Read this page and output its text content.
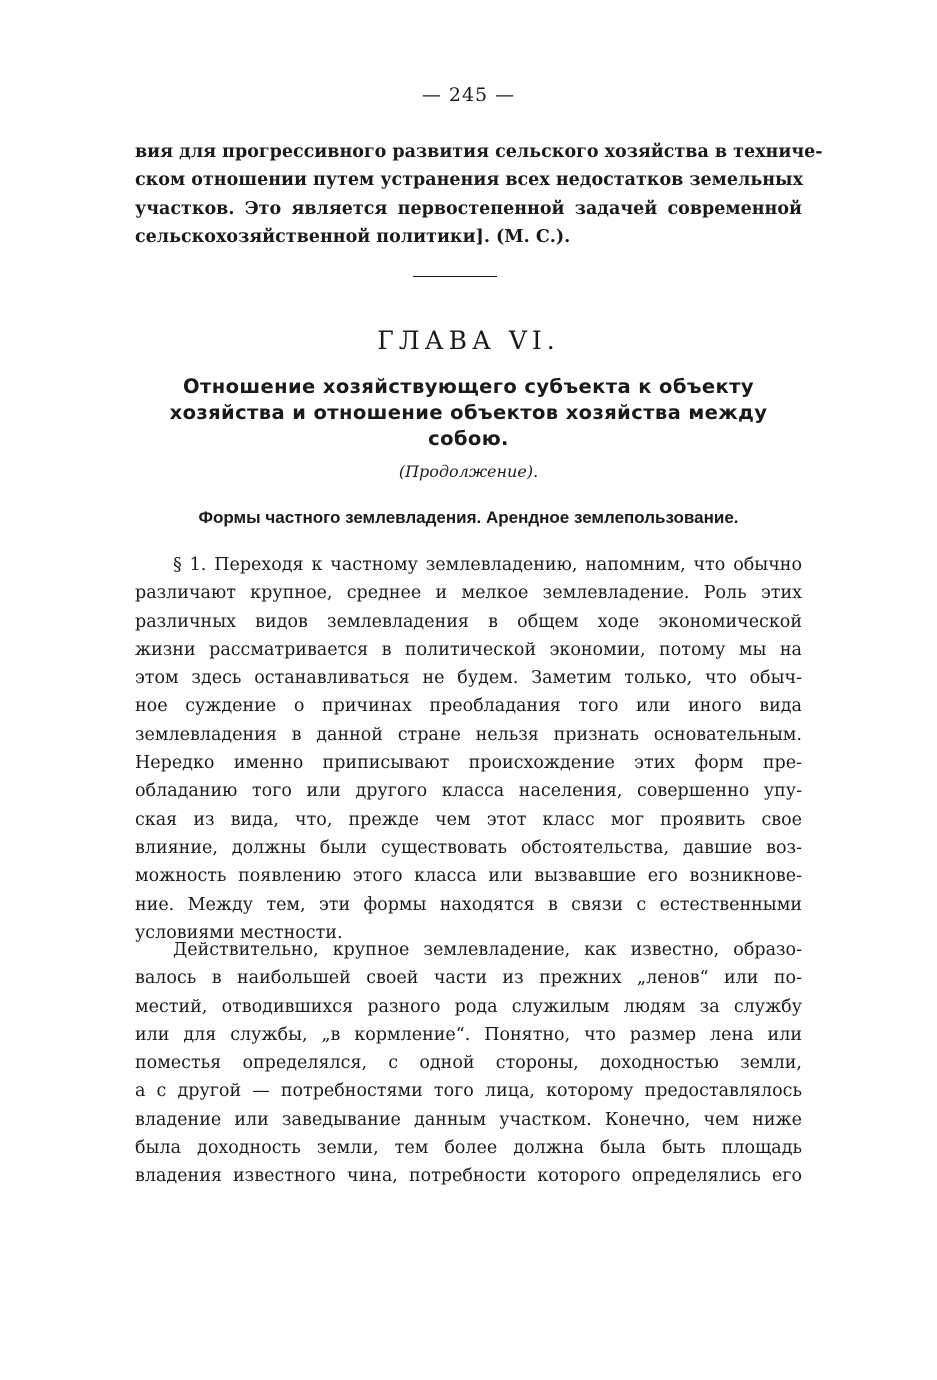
— 245 —
вия для прогрессивного развития сельского хозяйства в техниче-
ском отношении путем устранения всех недостатков земельных
участков. Это является первостепенной задачей современной
сельскохозяйственной политики]. (М. С.).
ГЛАВА VI.
Отношение хозяйствующего субъекта к объекту
хозяйства и отношение объектов хозяйства между
собою.
(Продолжение).
Формы частного землевладения. Арендное землепользование.
§ 1. Переходя к частному землевладению, напомним, что обычно
различают крупное, среднее и мелкое землевладение. Роль этих
различных видов землевладения в общем ходе экономической
жизни рассматривается в политической экономии, потому мы на
этом здесь останавливаться не будем. Заметим только, что обыч-
ное суждение о причинах преобладания того или иного вида
землевладения в данной стране нельзя признать основательным.
Нередко именно приписывают происхождение этих форм пре-
обладанию того или другого класса населения, совершенно упу-
ская из вида, что, прежде чем этот класс мог проявить свое
влияние, должны были существовать обстоятельства, давшие воз-
можность появлению этого класса или вызвавшие его возникнове-
ние. Между тем, эти формы находятся в связи с естественными
условиями местности.
Действительно, крупное землевладение, как известно, образо-
валось в наибольшей своей части из прежних „ленов“ или по-
местий, отводившихся разного рода служилым людям за службу
или для службы, „в кормление“. Понятно, что размер лена или
поместья определялся, с одной стороны, доходностью земли,
а с другой — потребностями того лица, которому предоставлялось
владение или заведывание данным участком. Конечно, чем ниже
была доходность земли, тем более должна была быть площадь
владения известного чина, потребности которого определялись его
